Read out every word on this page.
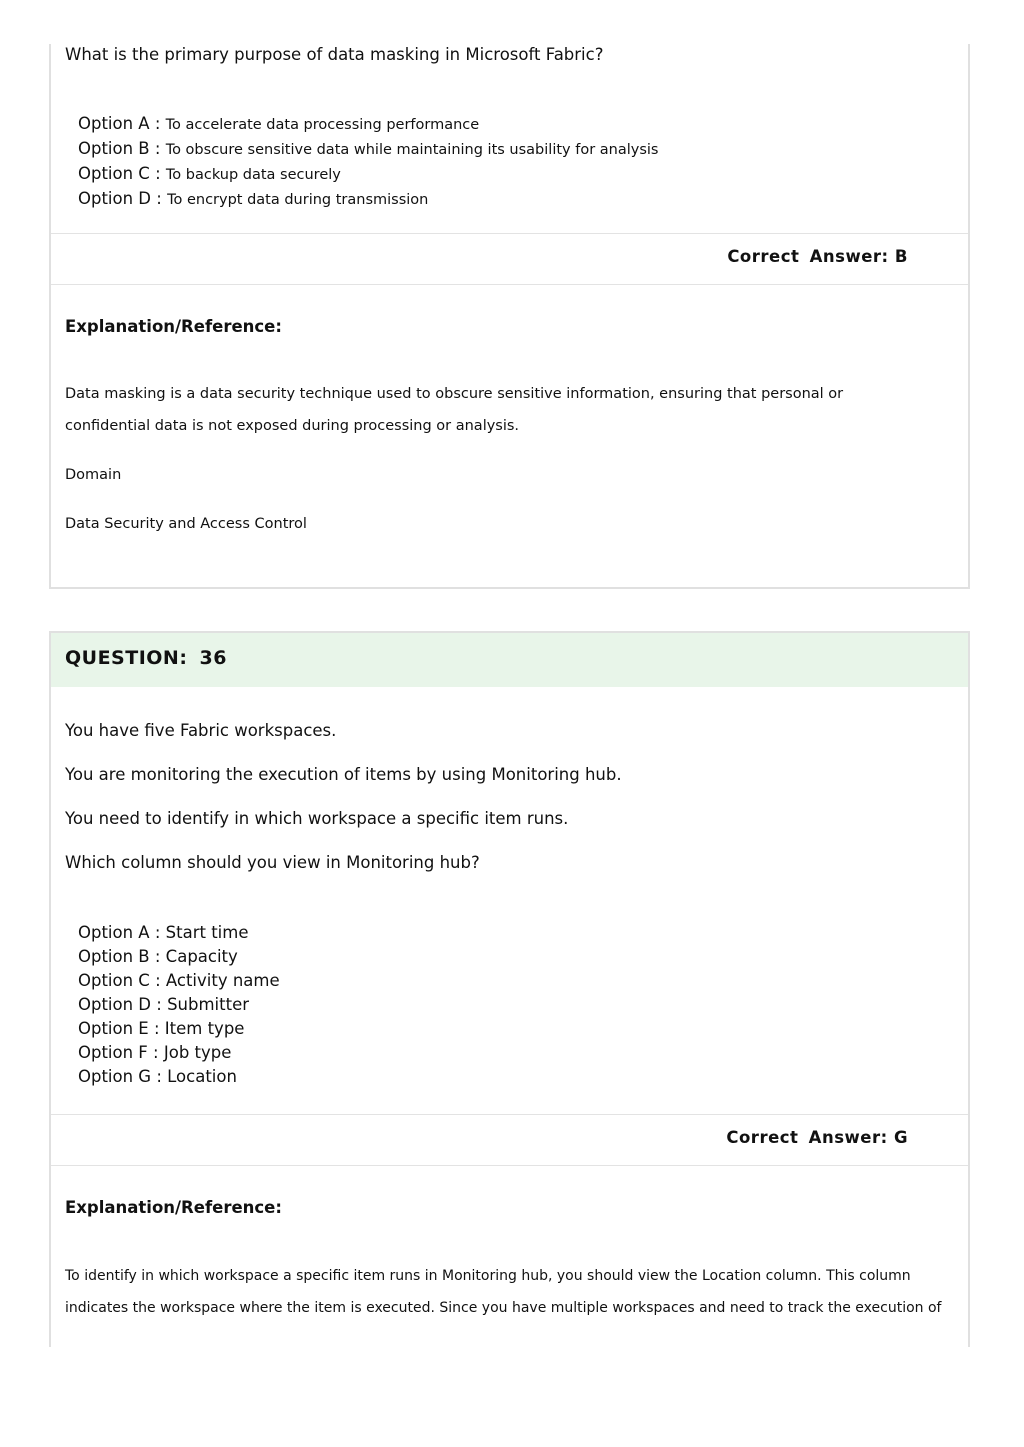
What is the primary purpose of data masking in Microsoft Fabric?
Option A : To accelerate data processing performance
Option B : To obscure sensitive data while maintaining its usability for analysis
Option C : To backup data securely
Option D : To encrypt data during transmission
Correct Answer: B
Explanation/Reference:
Data masking is a data security technique used to obscure sensitive information, ensuring that personal or
confidential data is not exposed during processing or analysis.
Domain
Data Security and Access Control
QUESTION: 36
You have five Fabric workspaces.
You are monitoring the execution of items by using Monitoring hub.
You need to identify in which workspace a specific item runs.
Which column should you view in Monitoring hub?
Option A : Start time
Option B : Capacity
Option C : Activity name
Option D : Submitter
Option E : Item type
Option F : Job type
Option G : Location
Correct Answer: G
Explanation/Reference:
To identify in which workspace a specific item runs in Monitoring hub, you should view the Location column. This column
indicates the workspace where the item is executed. Since you have multiple workspaces and need to track the execution of
